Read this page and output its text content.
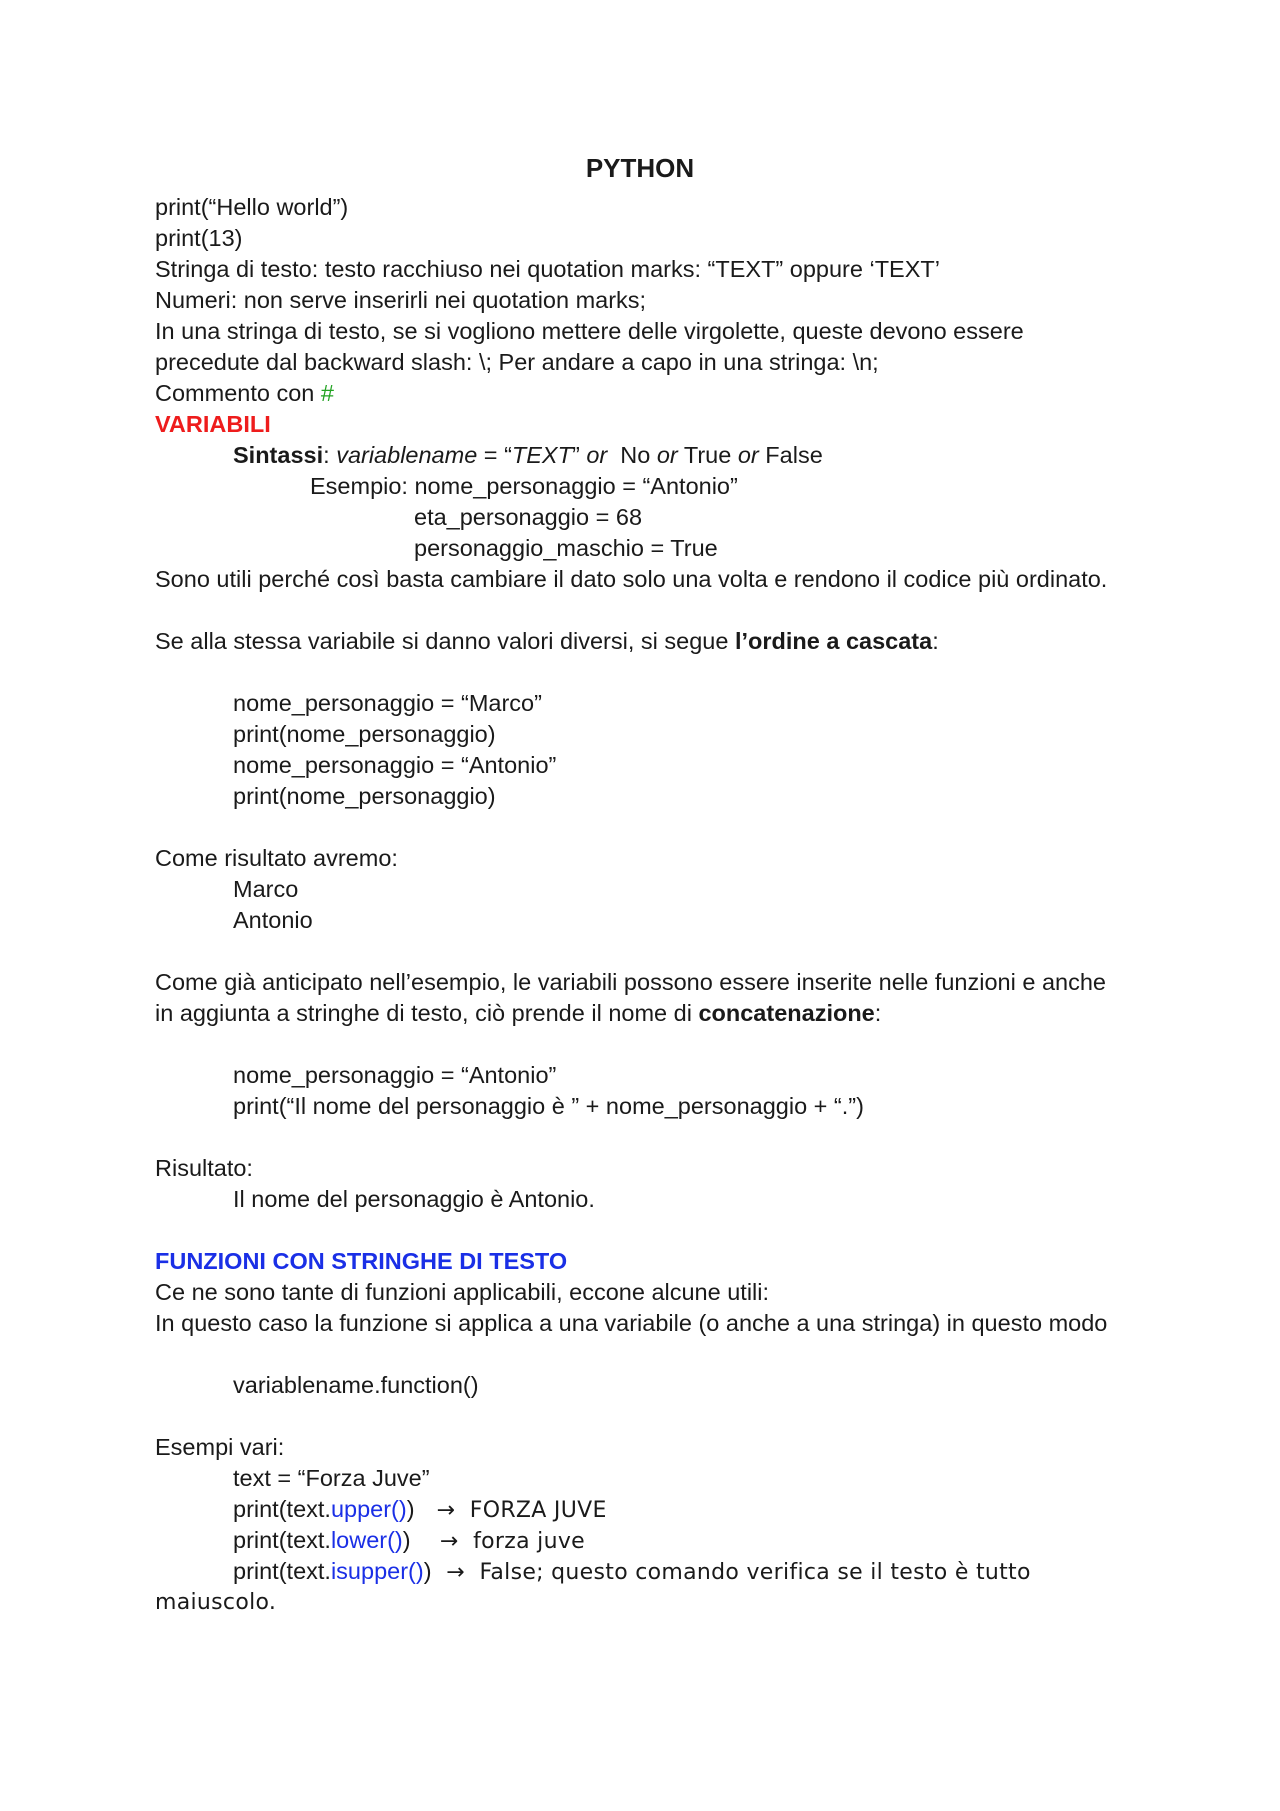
PYTHON
print(“Hello world”)
print(13)
Stringa di testo: testo racchiuso nei quotation marks: “TEXT” oppure ‘TEXT’
Numeri: non serve inserirli nei quotation marks;
In una stringa di testo, se si vogliono mettere delle virgolette, queste devono essere
precedute dal backward slash: \; Per andare a capo in una stringa: \n;
Commento con #
VARIABILI
Sintassi: variablename = “TEXT” or  No or True or False
Esempio: nome_personaggio = “Antonio”
eta_personaggio = 68
personaggio_maschio = True
Sono utili perché così basta cambiare il dato solo una volta e rendono il codice più ordinato.
Se alla stessa variabile si danno valori diversi, si segue l’ordine a cascata:
nome_personaggio = “Marco”
print(nome_personaggio)
nome_personaggio = “Antonio”
print(nome_personaggio)
Come risultato avremo:
Marco
Antonio
Come già anticipato nell’esempio, le variabili possono essere inserite nelle funzioni e anche
in aggiunta a stringhe di testo, ciò prende il nome di concatenazione:
nome_personaggio = “Antonio”
print(“Il nome del personaggio è ” + nome_personaggio + “.”)
Risultato:
Il nome del personaggio è Antonio.
FUNZIONI CON STRINGHE DI TESTO
Ce ne sono tante di funzioni applicabili, eccone alcune utili:
In questo caso la funzione si applica a una variabile (o anche a una stringa) in questo modo
variablename.function()
Esempi vari:
text = “Forza Juve”
print(text.upper()) → FORZA JUVE
print(text.lower()) → forza juve
print(text.isupper()) → False; questo comando verifica se il testo è tutto
maiuscolo.
